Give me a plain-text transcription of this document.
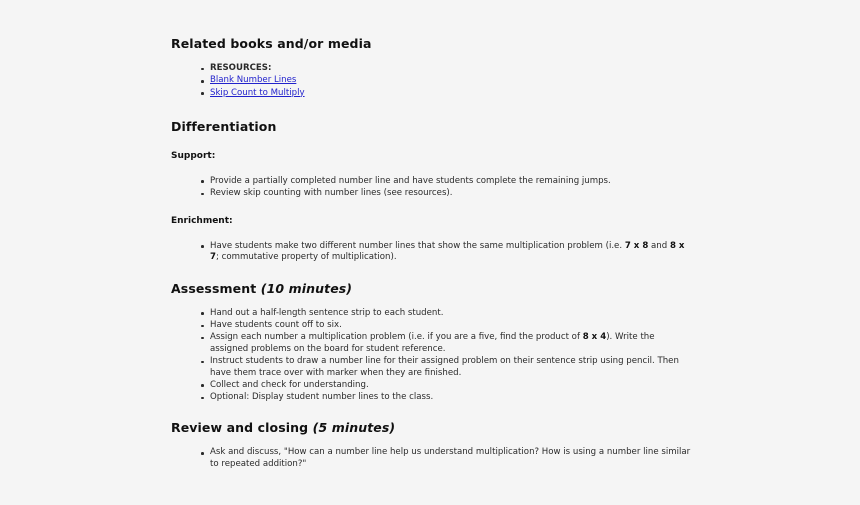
Related books and/or media
RESOURCES:
Blank Number Lines
Skip Count to Multiply
Differentiation
Support:
Provide a partially completed number line and have students complete the remaining jumps.
Review skip counting with number lines (see resources).
Enrichment:
Have students make two different number lines that show the same multiplication problem (i.e. 7 x 8 and 8 x 7; commutative property of multiplication).
Assessment (10 minutes)
Hand out a half-length sentence strip to each student.
Have students count off to six.
Assign each number a multiplication problem (i.e. if you are a five, find the product of 8 x 4). Write the assigned problems on the board for student reference.
Instruct students to draw a number line for their assigned problem on their sentence strip using pencil. Then have them trace over with marker when they are finished.
Collect and check for understanding.
Optional: Display student number lines to the class.
Review and closing (5 minutes)
Ask and discuss, "How can a number line help us understand multiplication? How is using a number line similar to repeated addition?"
